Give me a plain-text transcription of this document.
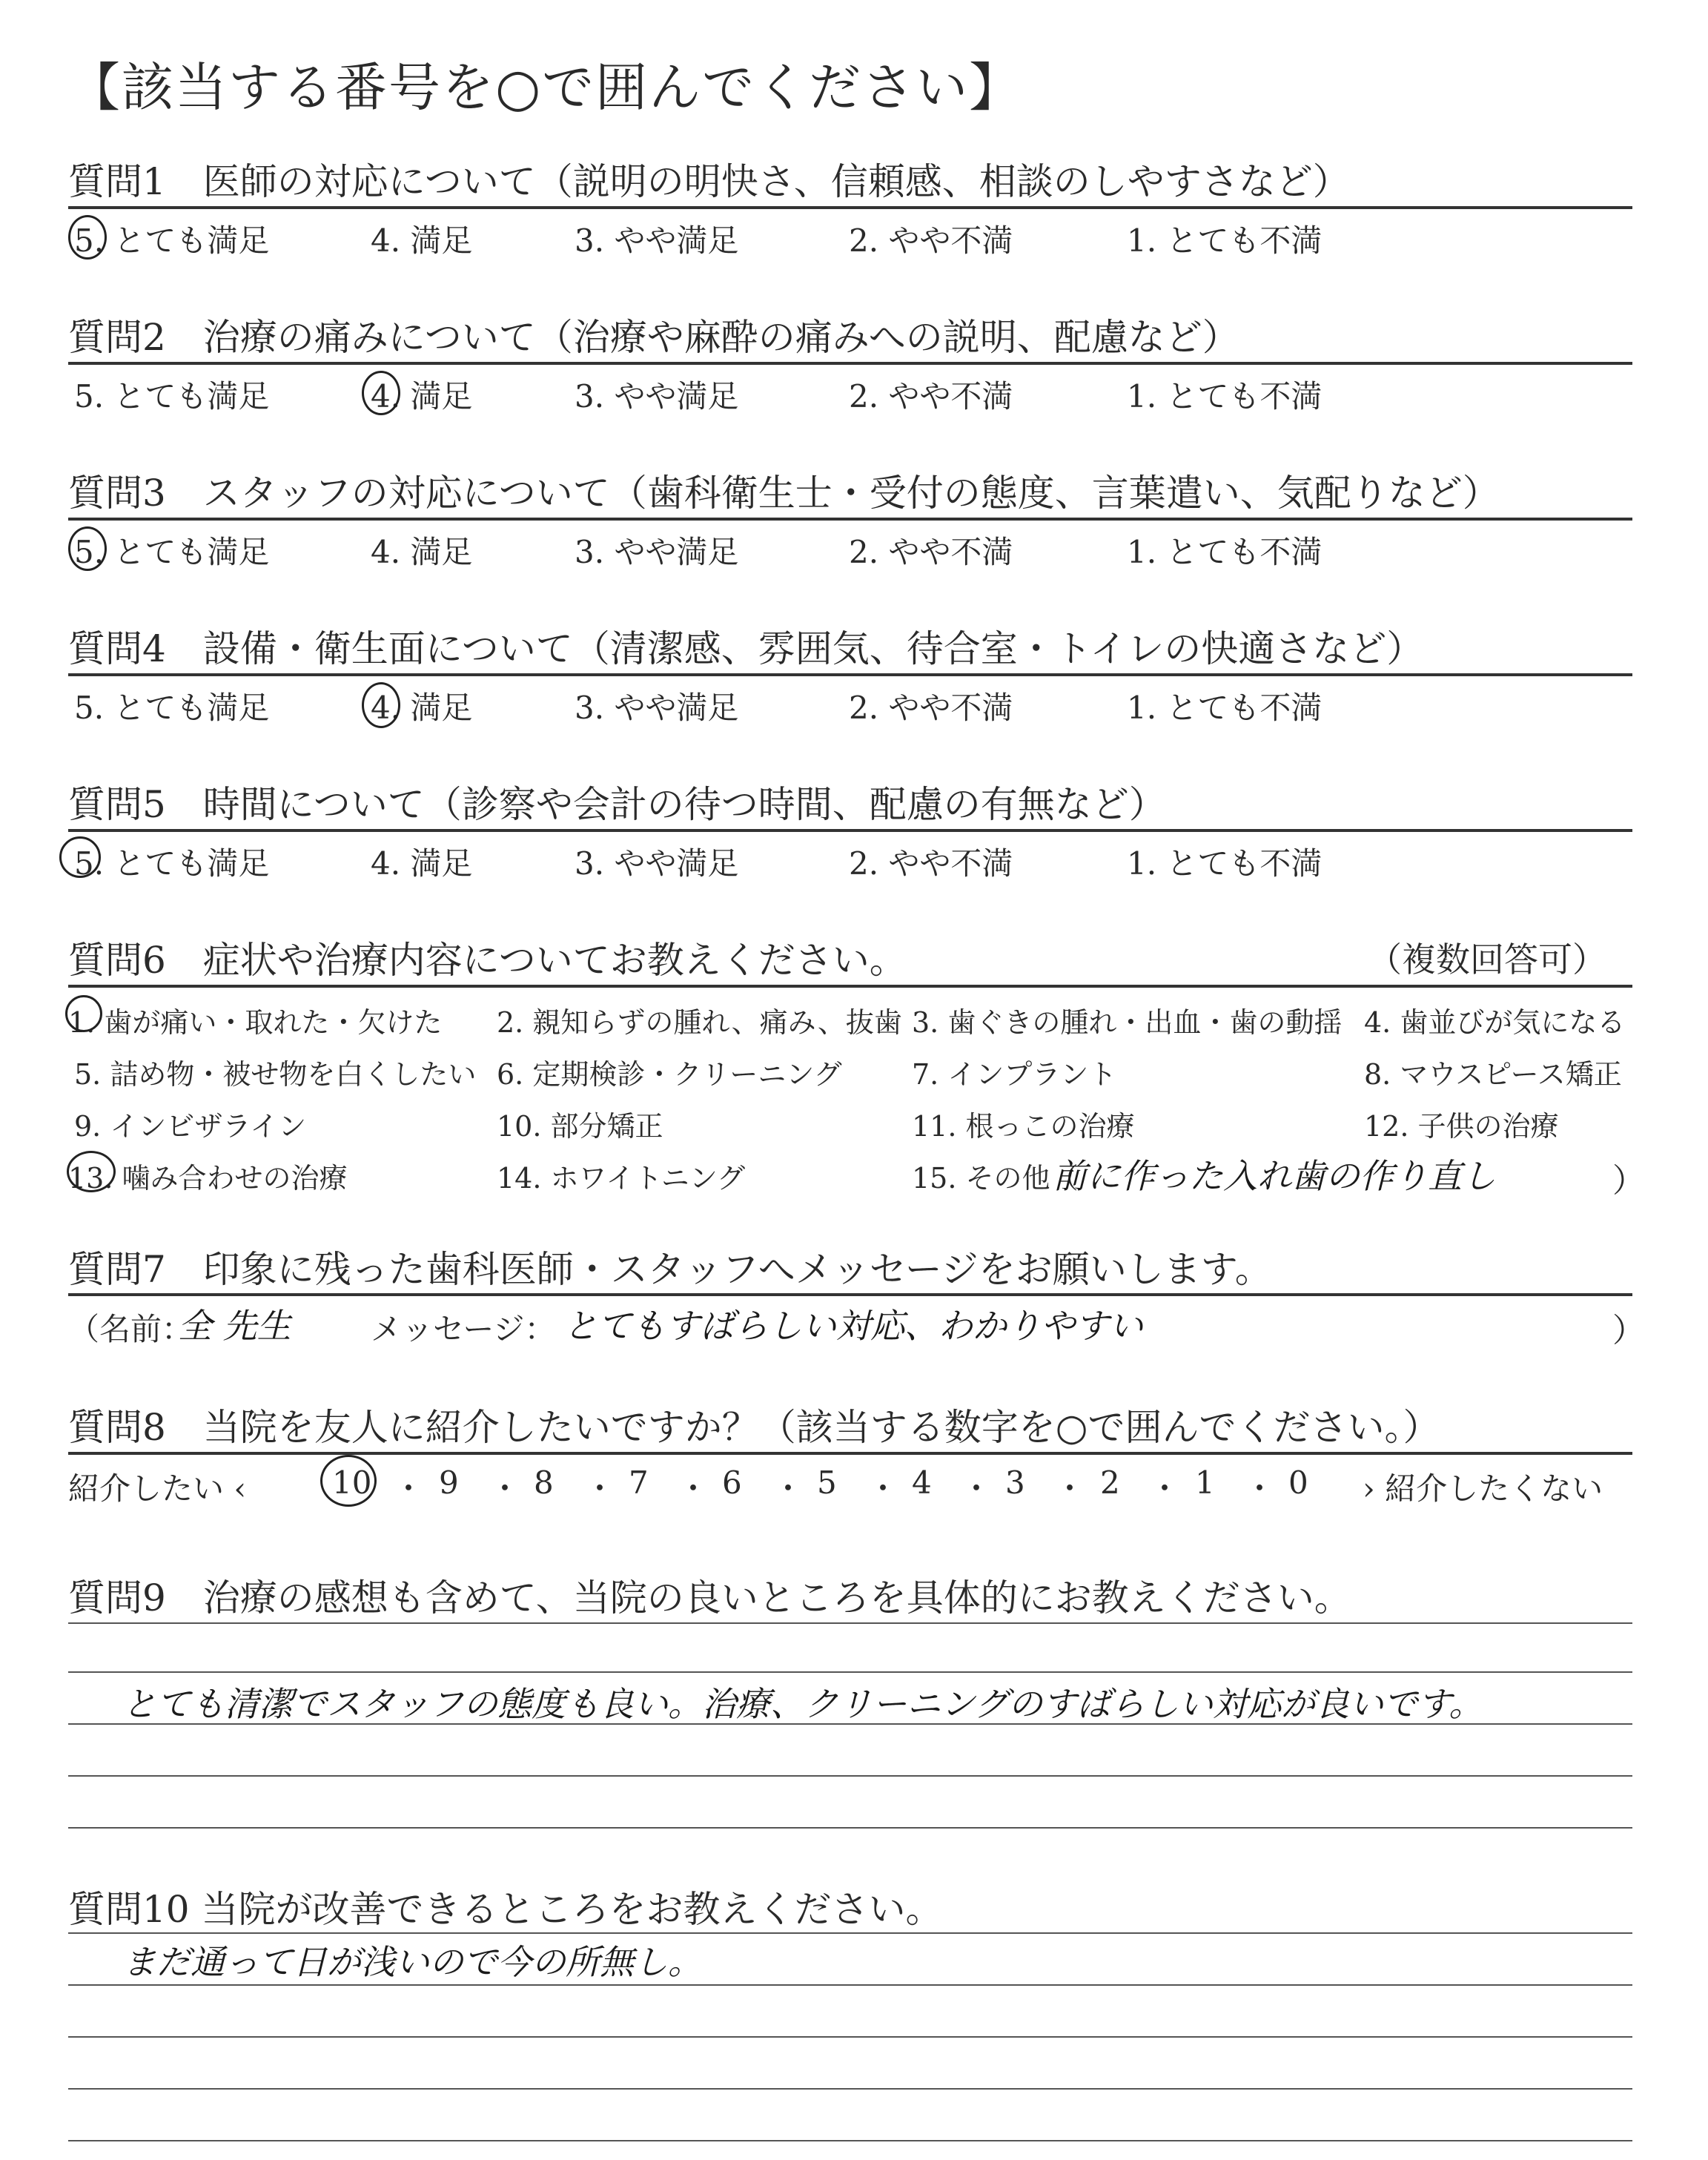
【該当する番号を○で囲んでください】
質問1　医師の対応について（説明の明快さ、信頼感、相談のしやすさなど）
5. とても満足	4. 満足	3. やや満足	2. やや不満	1. とても不満
質問2　治療の痛みについて（治療や麻酔の痛みへの説明、配慮など）
5. とても満足	4. 満足	3. やや満足	2. やや不満	1. とても不満
質問3　スタッフの対応について（歯科衛生士・受付の態度、言葉遣い、気配りなど）
5. とても満足	4. 満足	3. やや満足	2. やや不満	1. とても不満
質問4　設備・衛生面について（清潔感、雰囲気、待合室・トイレの快適さなど）
5. とても満足	4. 満足	3. やや満足	2. やや不満	1. とても不満
質問5　時間について（診察や会計の待つ時間、配慮の有無など）
5. とても満足	4. 満足	3. やや満足	2. やや不満	1. とても不満
質問6　症状や治療内容についてお教えください。	（複数回答可）
1. 歯が痛い・取れた・欠けた 2. 親知らずの腫れ、痛み、抜歯 3. 歯ぐきの腫れ・出血・歯の動揺 4. 歯並びが気になる
5. 詰め物・被せ物を白くしたい 6. 定期検診・クリーニング 7. インプラント	8. マウスピース矯正
9. インビザライン	10. 部分矯正	11. 根っこの治療	12. 子供の治療
13. 噛み合わせの治療	14. ホワイトニング	15. その他（
前に作った入れ歯の作り直し	）
質問7　印象に残った歯科医師・スタッフへメッセージをお願いします。
（名前：
全 先生	メッセージ： とてもすばらしい対応、わかりやすい	）
質問8　当院を友人に紹介したいですか？（該当する数字を○で囲んでください。）
紹介したい ‹	› 紹介したくない
10 ・ 9 ・ 8 ・ 7 ・ 6 ・ 5 ・ 4 ・ 3 ・ 2 ・ 1 ・ 0
質問9　治療の感想も含めて、当院の良いところを具体的にお教えください。
とても清潔でスタッフの態度も良い。治療、クリーニングのすばらしい対応が良いです。
質問10 当院が改善できるところをお教えください。
まだ通って日が浅いので今の所無し。
